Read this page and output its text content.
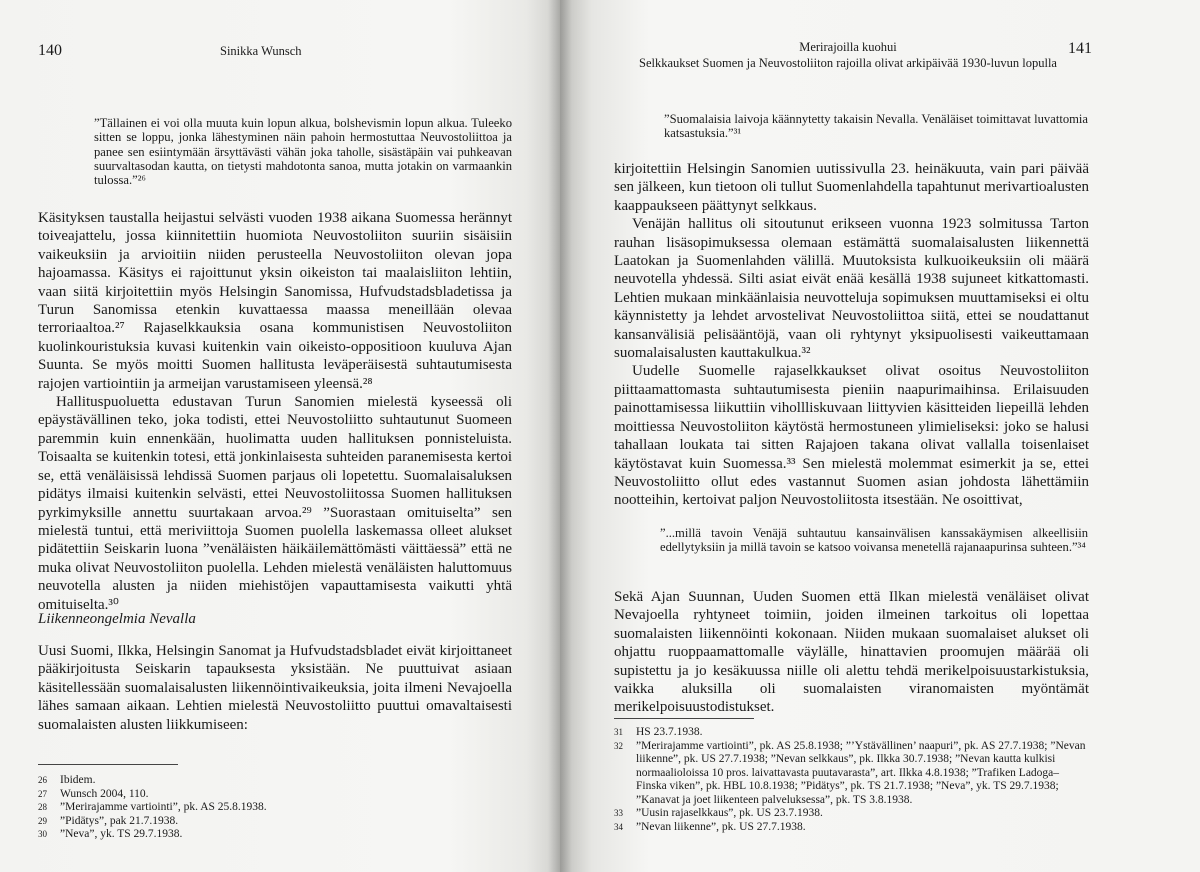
140	Sinikka Wunsch
”Tällainen ei voi olla muuta kuin lopun alkua, bolshevismin lopun alkua. Tuleeko sitten se loppu, jonka lähestyminen näin pahoin hermostuttaa Neuvostoliittoa ja panee sen esiintymään ärsyttävästi vähän joka taholle, sisästäpäin vai puhkeavan suurvaltasodan kautta, on tietysti mahdotonta sanoa, mutta jotakin on varmaankin tulossa.”²⁶

Käsityksen taustalla heijastui selvästi vuoden 1938 aikana Suomessa herännyt toiveajattelu, jossa kiinnitettiin huomiota Neuvostoliiton suuriin sisäisiin vaikeuksiin ja arvioitiin niiden perusteella Neuvostoliiton olevan jopa hajoamassa. Käsitys ei rajoittunut yksin oikeiston tai maalaisliiton lehtiin, vaan siitä kirjoitettiin myös Helsingin Sanomissa, Hufvudstadsbladetissa ja Turun Sanomissa etenkin kuvattaessa maassa meneillään olevaa terroriaaltoa.²⁷ Rajaselkkauksia osana kommunistisen Neuvostoliiton kuolinkouristuksia kuvasi kuitenkin vain oikeisto-oppositioon kuuluva Ajan Suunta. Se myös moitti Suomen hallitusta leväperäisestä suhtautumisesta rajojen vartiointiin ja armeijan varustamiseen yleensä.²⁸

Hallituspuoluetta edustavan Turun Sanomien mielestä kyseessä oli epäystävällinen teko, joka todisti, ettei Neuvostoliitto suhtautunut Suomeen paremmin kuin ennenkään, huolimatta uuden hallituksen ponnisteluista. Toisaalta se kuitenkin totesi, että jonkinlaisesta suhteiden paranemisesta kertoi se, että venäläisissä lehdissä Suomen parjaus oli lopetettu. Suomalaisaluksen pidätys ilmaisi kuitenkin selvästi, ettei Neuvostoliitossa Suomen hallituksen pyrkimyksille annettu suurtakaan arvoa.²⁹ ”Suorastaan omituiselta” sen mielestä tuntui, että meriviittoja Suomen puolella laskemassa olleet alukset pidätettiin Seiskarin luona ”venäläisten häikäilemättömästi väittäessä” että ne muka olivat Neuvostoliiton puolella. Lehden mielestä venäläisten haluttomuus neuvotella alusten ja niiden miehistöjen vapauttamisesta vaikutti yhtä omituiselta.³⁰

Liikenneongelmia Nevalla

Uusi Suomi, Ilkka, Helsingin Sanomat ja Hufvudstadsbladet eivät kirjoittaneet pääkirjoitusta Seiskarin tapauksesta yksistään. Ne puuttuivat asiaan käsitellessään suomalaisalusten liikennöintivaikeuksia, joita ilmeni Nevajoella lähes samaan aikaan. Lehtien mielestä Neuvostoliitto puuttui omavaltaisesti suomalaisten alusten liikkumiseen:

26	Ibidem.
27	Wunsch 2004, 110.
28	”Merirajamme vartiointi”, pk. AS 25.8.1938.
29	”Pidätys”, pak 21.7.1938.
30	”Neva”, yk. TS 29.7.1938.
Merirajoilla kuohui
Selkkaukset Suomen ja Neuvostoliiton rajoilla olivat arkipäivää 1930-luvun lopulla
141
”Suomalaisia laivoja käännytetty takaisin Nevalla. Venäläiset toimittavat luvattomia katsastuksia.”³¹

kirjoitettiin Helsingin Sanomien uutissivulla 23. heinäkuuta, vain pari päivää sen jälkeen, kun tietoon oli tullut Suomenlahdella tapahtunut merivartioalusten kaappaukseen päättynyt selkkaus.

Venäjän hallitus oli sitoutunut erikseen vuonna 1923 solmitussa Tarton rauhan lisäsopimuksessa olemaan estämättä suomalaisalusten liikennettä Laatokan ja Suomenlahden välillä. Muutoksista kulkuoikeuksiin oli määrä neuvotella yhdessä. Silti asiat eivät enää kesällä 1938 sujuneet kitkattomasti. Lehtien mukaan minkäänlaisia neuvotteluja sopimuksen muuttamiseksi ei oltu käynnistetty ja lehdet arvostelivat Neuvostoliittoa siitä, ettei se noudattanut kansanvälisiä pelisääntöjä, vaan oli ryhtynyt yksipuolisesti vaikeuttamaan suomalaisalusten kauttakulkua.³²

Uudelle Suomelle rajaselkkaukset olivat osoitus Neuvostoliiton piittaamattomasta suhtautumisesta pieniin naapurimaihinsa. Erilaisuuden painottamisessa liikuttiin vihollliskuvaan liittyvien käsitteiden liepeillä lehden moittiessa Neuvostoliiton käytöstä hermostuneen ylimieliseksi: joko se halusi tahallaan loukata tai sitten Rajajoen takana olivat vallalla toisenlaiset käytöstavat kuin Suomessa.³³ Sen mielestä molemmat esimerkit ja se, ettei Neuvostoliitto ollut edes vastannut Suomen asian johdosta lähettämiin nootteihin, kertoivat paljon Neuvostoliitosta itsestään. Ne osoittivat,

”...millä tavoin Venäjä suhtautuu kansainvälisen kanssakäymisen alkeellisiin edellytyksiin ja millä tavoin se katsoo voivansa menetellä rajanaapurinsa suhteen.”³⁴

Sekä Ajan Suunnan, Uuden Suomen että Ilkan mielestä venäläiset olivat Nevajoella ryhtyneet toimiin, joiden ilmeinen tarkoitus oli lopettaa suomalaisten liikennöinti kokonaan. Niiden mukaan suomalaiset alukset oli ohjattu ruoppaamattomalle väylälle, hinattavien proomujen määrää oli supistettu ja jo kesäkuussa niille oli alettu tehdä merikelpoisuustarkistuksia, vaikka aluksilla oli suomalaisten viranomaisten myöntämät merikelpoisuustodistukset.

31	HS 23.7.1938.
32	”Merirajamme vartiointi”, pk. AS 25.8.1938; ”’Ystävällinen’ naapuri”, pk. AS 27.7.1938; ”Nevan liikenne”, pk. US 27.7.1938; ”Nevan selkkaus”, pk. Ilkka 30.7.1938; ”Nevan kautta kulkisi normaalioloissa 10 pros. laivattavasta puutavarasta”, art. Ilkka 4.8.1938; ”Trafiken Ladoga–Finska viken”, pk. HBL 10.8.1938; ”Pidätys”, pk. TS 21.7.1938; ”Neva”, yk. TS 29.7.1938; ”Kanavat ja joet liikenteen palveluksessa”, pk. TS 3.8.1938.
33	”Uusin rajaselkkaus”, pk. US 23.7.1938.
34	”Nevan liikenne”, pk. US 27.7.1938.
